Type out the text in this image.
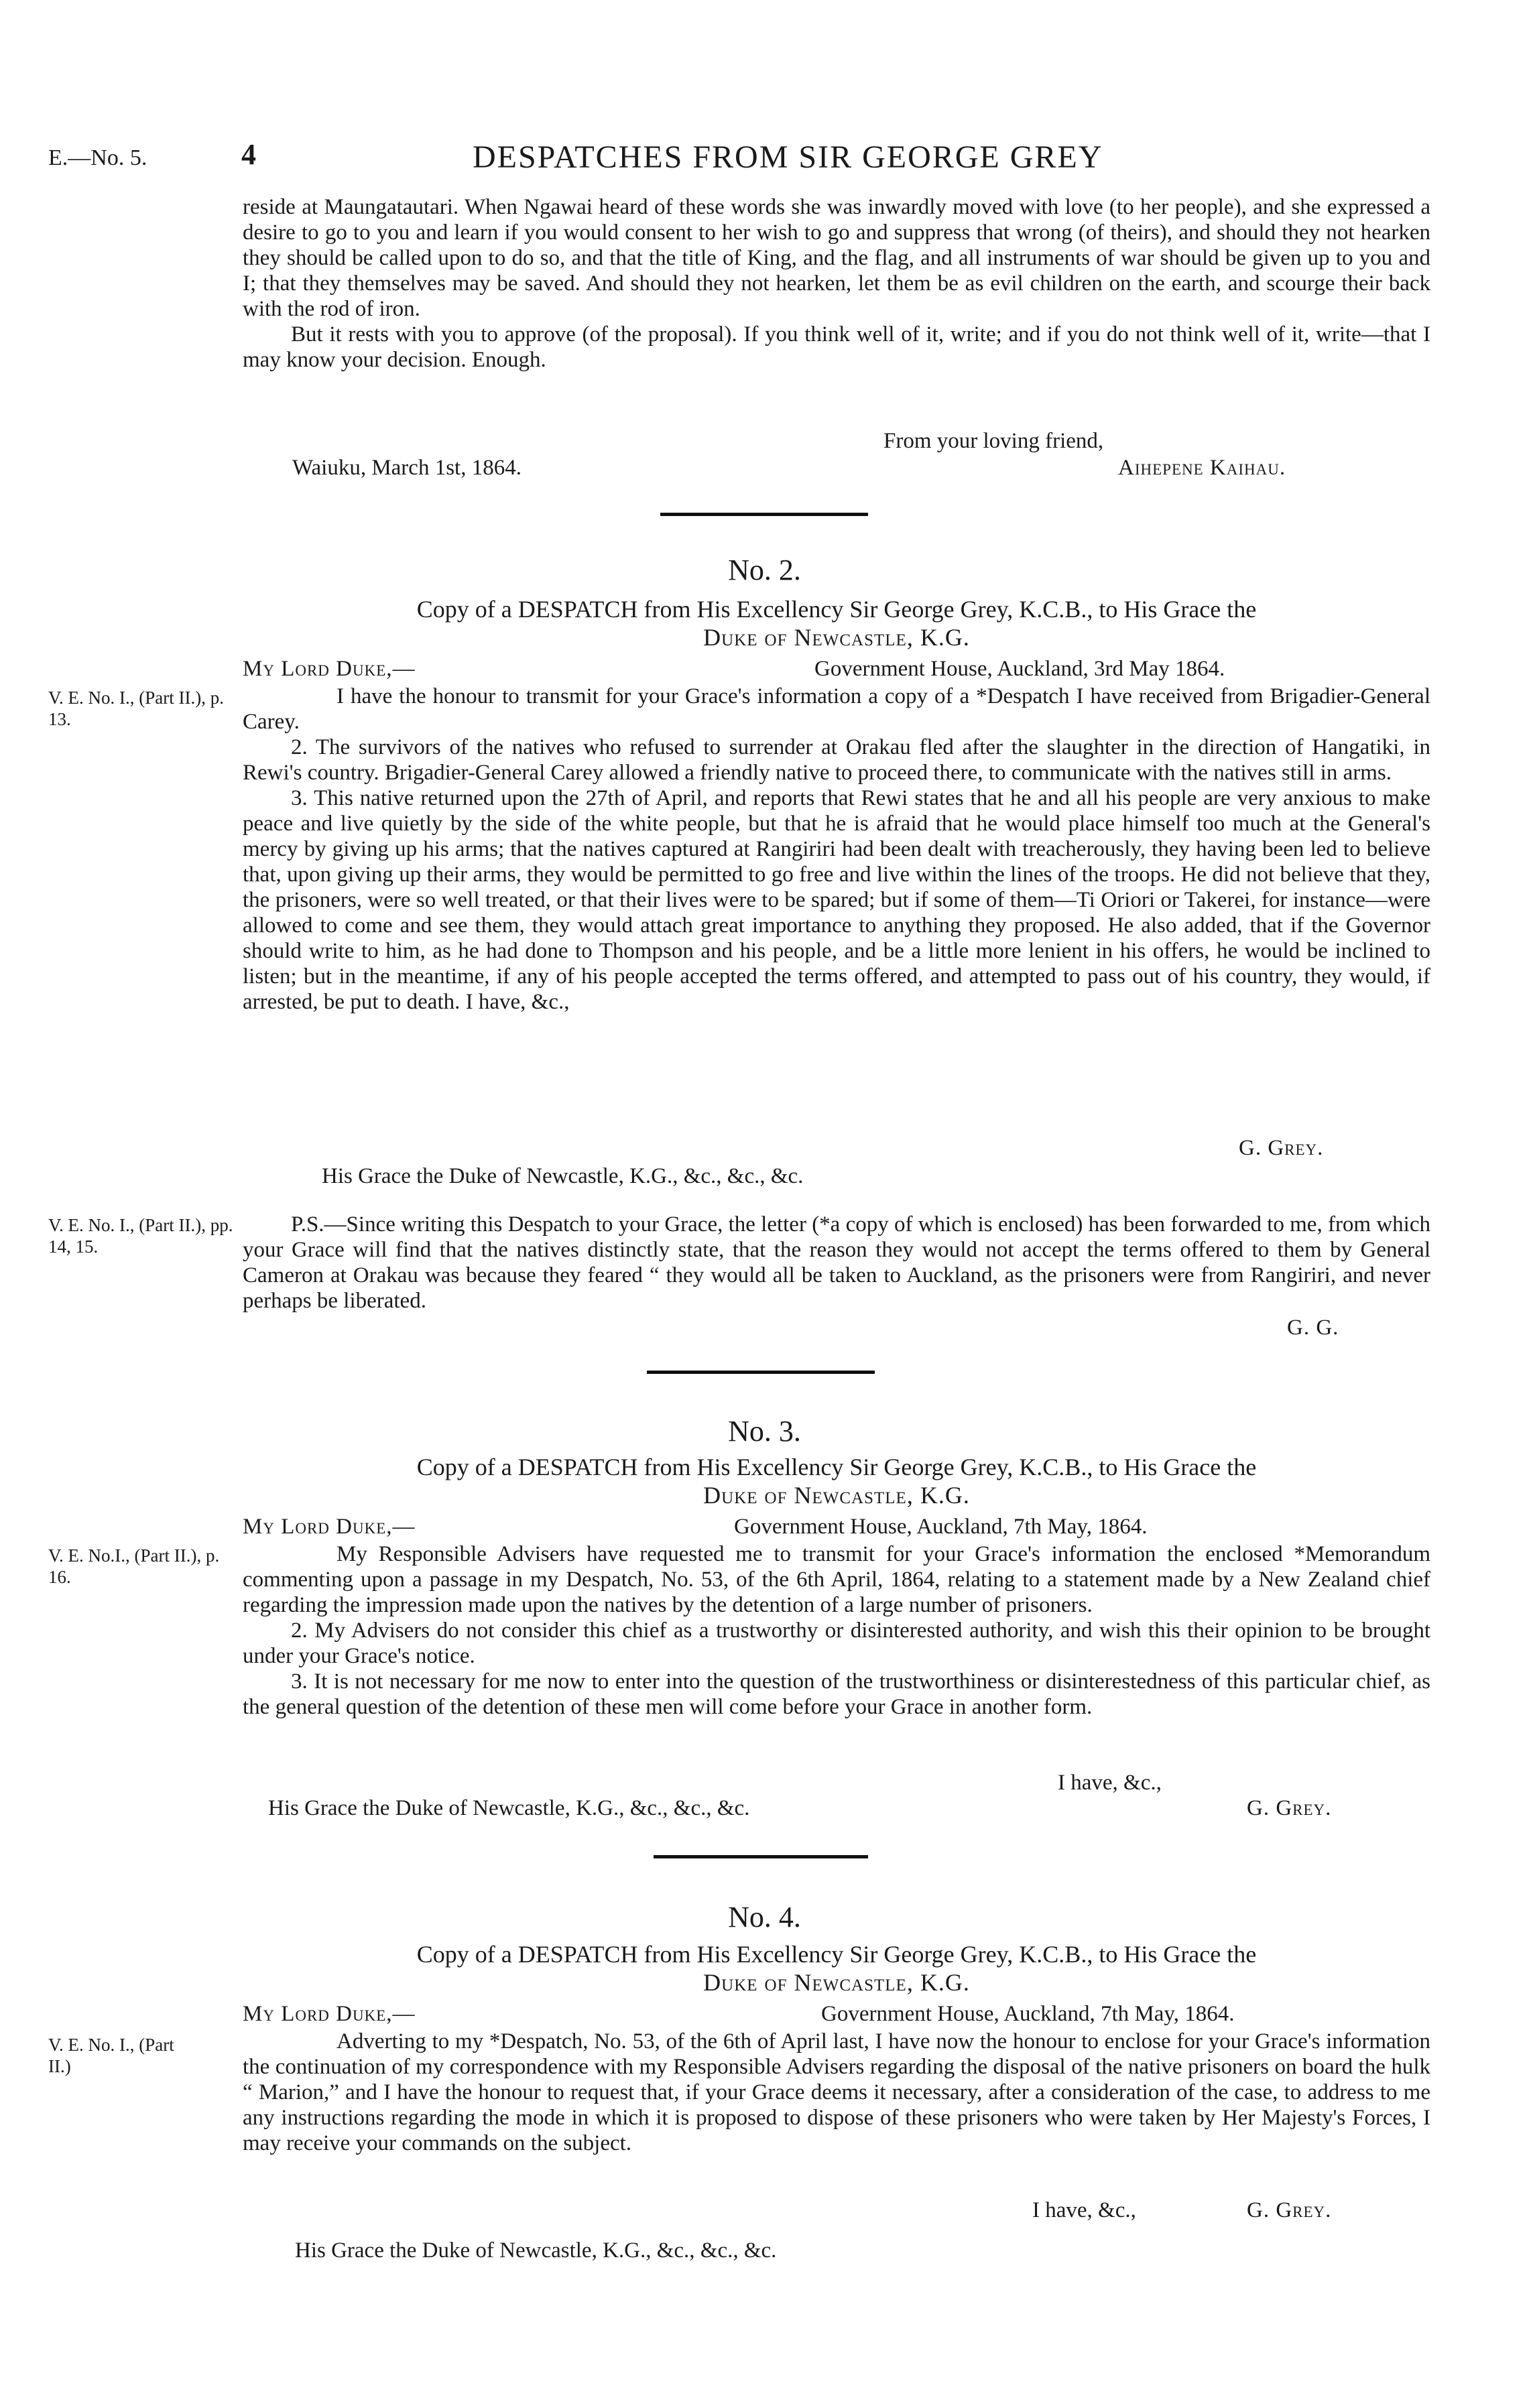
E.—No. 5.	4	DESPATCHES FROM SIR GEORGE GREY

reside at Maungatautari. When Ngawai heard of these words she was inwardly moved with love (to her people), and she expressed a desire to go to you and learn if you would consent to her wish to go and suppress that wrong (of theirs), and should they not hearken they should be called upon to do so, and that the title of King, and the flag, and all instruments of war should be given up to you and I; that they themselves may be saved. And should they not hearken, let them be as evil children on the earth, and scourge their back with the rod of iron.

But it rests with you to approve (of the proposal). If you think well of it, write; and if you do not think well of it, write—that I may know your decision. Enough.

From your loving friend,
Waiuku, March 1st, 1864.	Aihepene Kaihau.
No. 2.
Copy of a DESPATCH from His Excellency Sir George Grey, K.C.B., to His Grace the
Duke of Newcastle, K.G.
My Lord Duke,—	Government House, Auckland, 3rd May 1864.
V. E. No. I., (Part II.), p. 13.

I have the honour to transmit for your Grace's information a copy of a *Despatch I have received from Brigadier-General Carey.

2. The survivors of the natives who refused to surrender at Orakau fled after the slaughter in the direction of Hangatiki, in Rewi's country. Brigadier-General Carey allowed a friendly native to proceed there, to communicate with the natives still in arms.

3. This native returned upon the 27th of April, and reports that Rewi states that he and all his people are very anxious to make peace and live quietly by the side of the white people, but that he is afraid that he would place himself too much at the General's mercy by giving up his arms; that the natives captured at Rangiriri had been dealt with treacherously, they having been led to believe that, upon giving up their arms, they would be permitted to go free and live within the lines of the troops. He did not believe that they, the prisoners, were so well treated, or that their lives were to be spared; but if some of them—Ti Oriori or Takerei, for instance—were allowed to come and see them, they would attach great importance to anything they proposed. He also added, that if the Governor should write to him, as he had done to Thompson and his people, and be a little more lenient in his offers, he would be inclined to listen; but in the meantime, if any of his people accepted the terms offered, and attempted to pass out of his country, they would, if arrested, be put to death. I have, &c.,

G. Grey.
His Grace the Duke of Newcastle, K.G., &c., &c., &c.
V. E. No. I., (Part II.), pp. 14, 15.

P.S.—Since writing this Despatch to your Grace, the letter (*a copy of which is enclosed) has been forwarded to me, from which your Grace will find that the natives distinctly state, that the reason they would not accept the terms offered to them by General Cameron at Orakau was because they feared “ they would all be taken to Auckland, as the prisoners were from Rangiriri, and never perhaps be liberated.

G. G.
No. 3.
Copy of a DESPATCH from His Excellency Sir George Grey, K.C.B., to His Grace the
Duke of Newcastle, K.G.
My Lord Duke,—	Government House, Auckland, 7th May, 1864.
V. E. No.I., (Part II.), p. 16.

My Responsible Advisers have requested me to transmit for your Grace's information the enclosed *Memorandum commenting upon a passage in my Despatch, No. 53, of the 6th April, 1864, relating to a statement made by a New Zealand chief regarding the impression made upon the natives by the detention of a large number of prisoners.

2. My Advisers do not consider this chief as a trustworthy or disinterested authority, and wish this their opinion to be brought under your Grace's notice.

3. It is not necessary for me now to enter into the question of the trustworthiness or disinterestedness of this particular chief, as the general question of the detention of these men will come before your Grace in another form.

I have, &c.,
His Grace the Duke of Newcastle, K.G., &c., &c., &c.	G. Grey.
No. 4.
Copy of a DESPATCH from His Excellency Sir George Grey, K.C.B., to His Grace the
Duke of Newcastle, K.G.
My Lord Duke,—	Government House, Auckland, 7th May, 1864.
V. E. No. I., (Part II.)

Adverting to my *Despatch, No. 53, of the 6th of April last, I have now the honour to enclose for your Grace's information the continuation of my correspondence with my Responsible Advisers regarding the disposal of the native prisoners on board the hulk “ Marion,” and I have the honour to request that, if your Grace deems it necessary, after a consideration of the case, to address to me any instructions regarding the mode in which it is proposed to dispose of these prisoners who were taken by Her Majesty's Forces, I may receive your commands on the subject.

I have, &c.,	G. Grey.
His Grace the Duke of Newcastle, K.G., &c., &c., &c.
